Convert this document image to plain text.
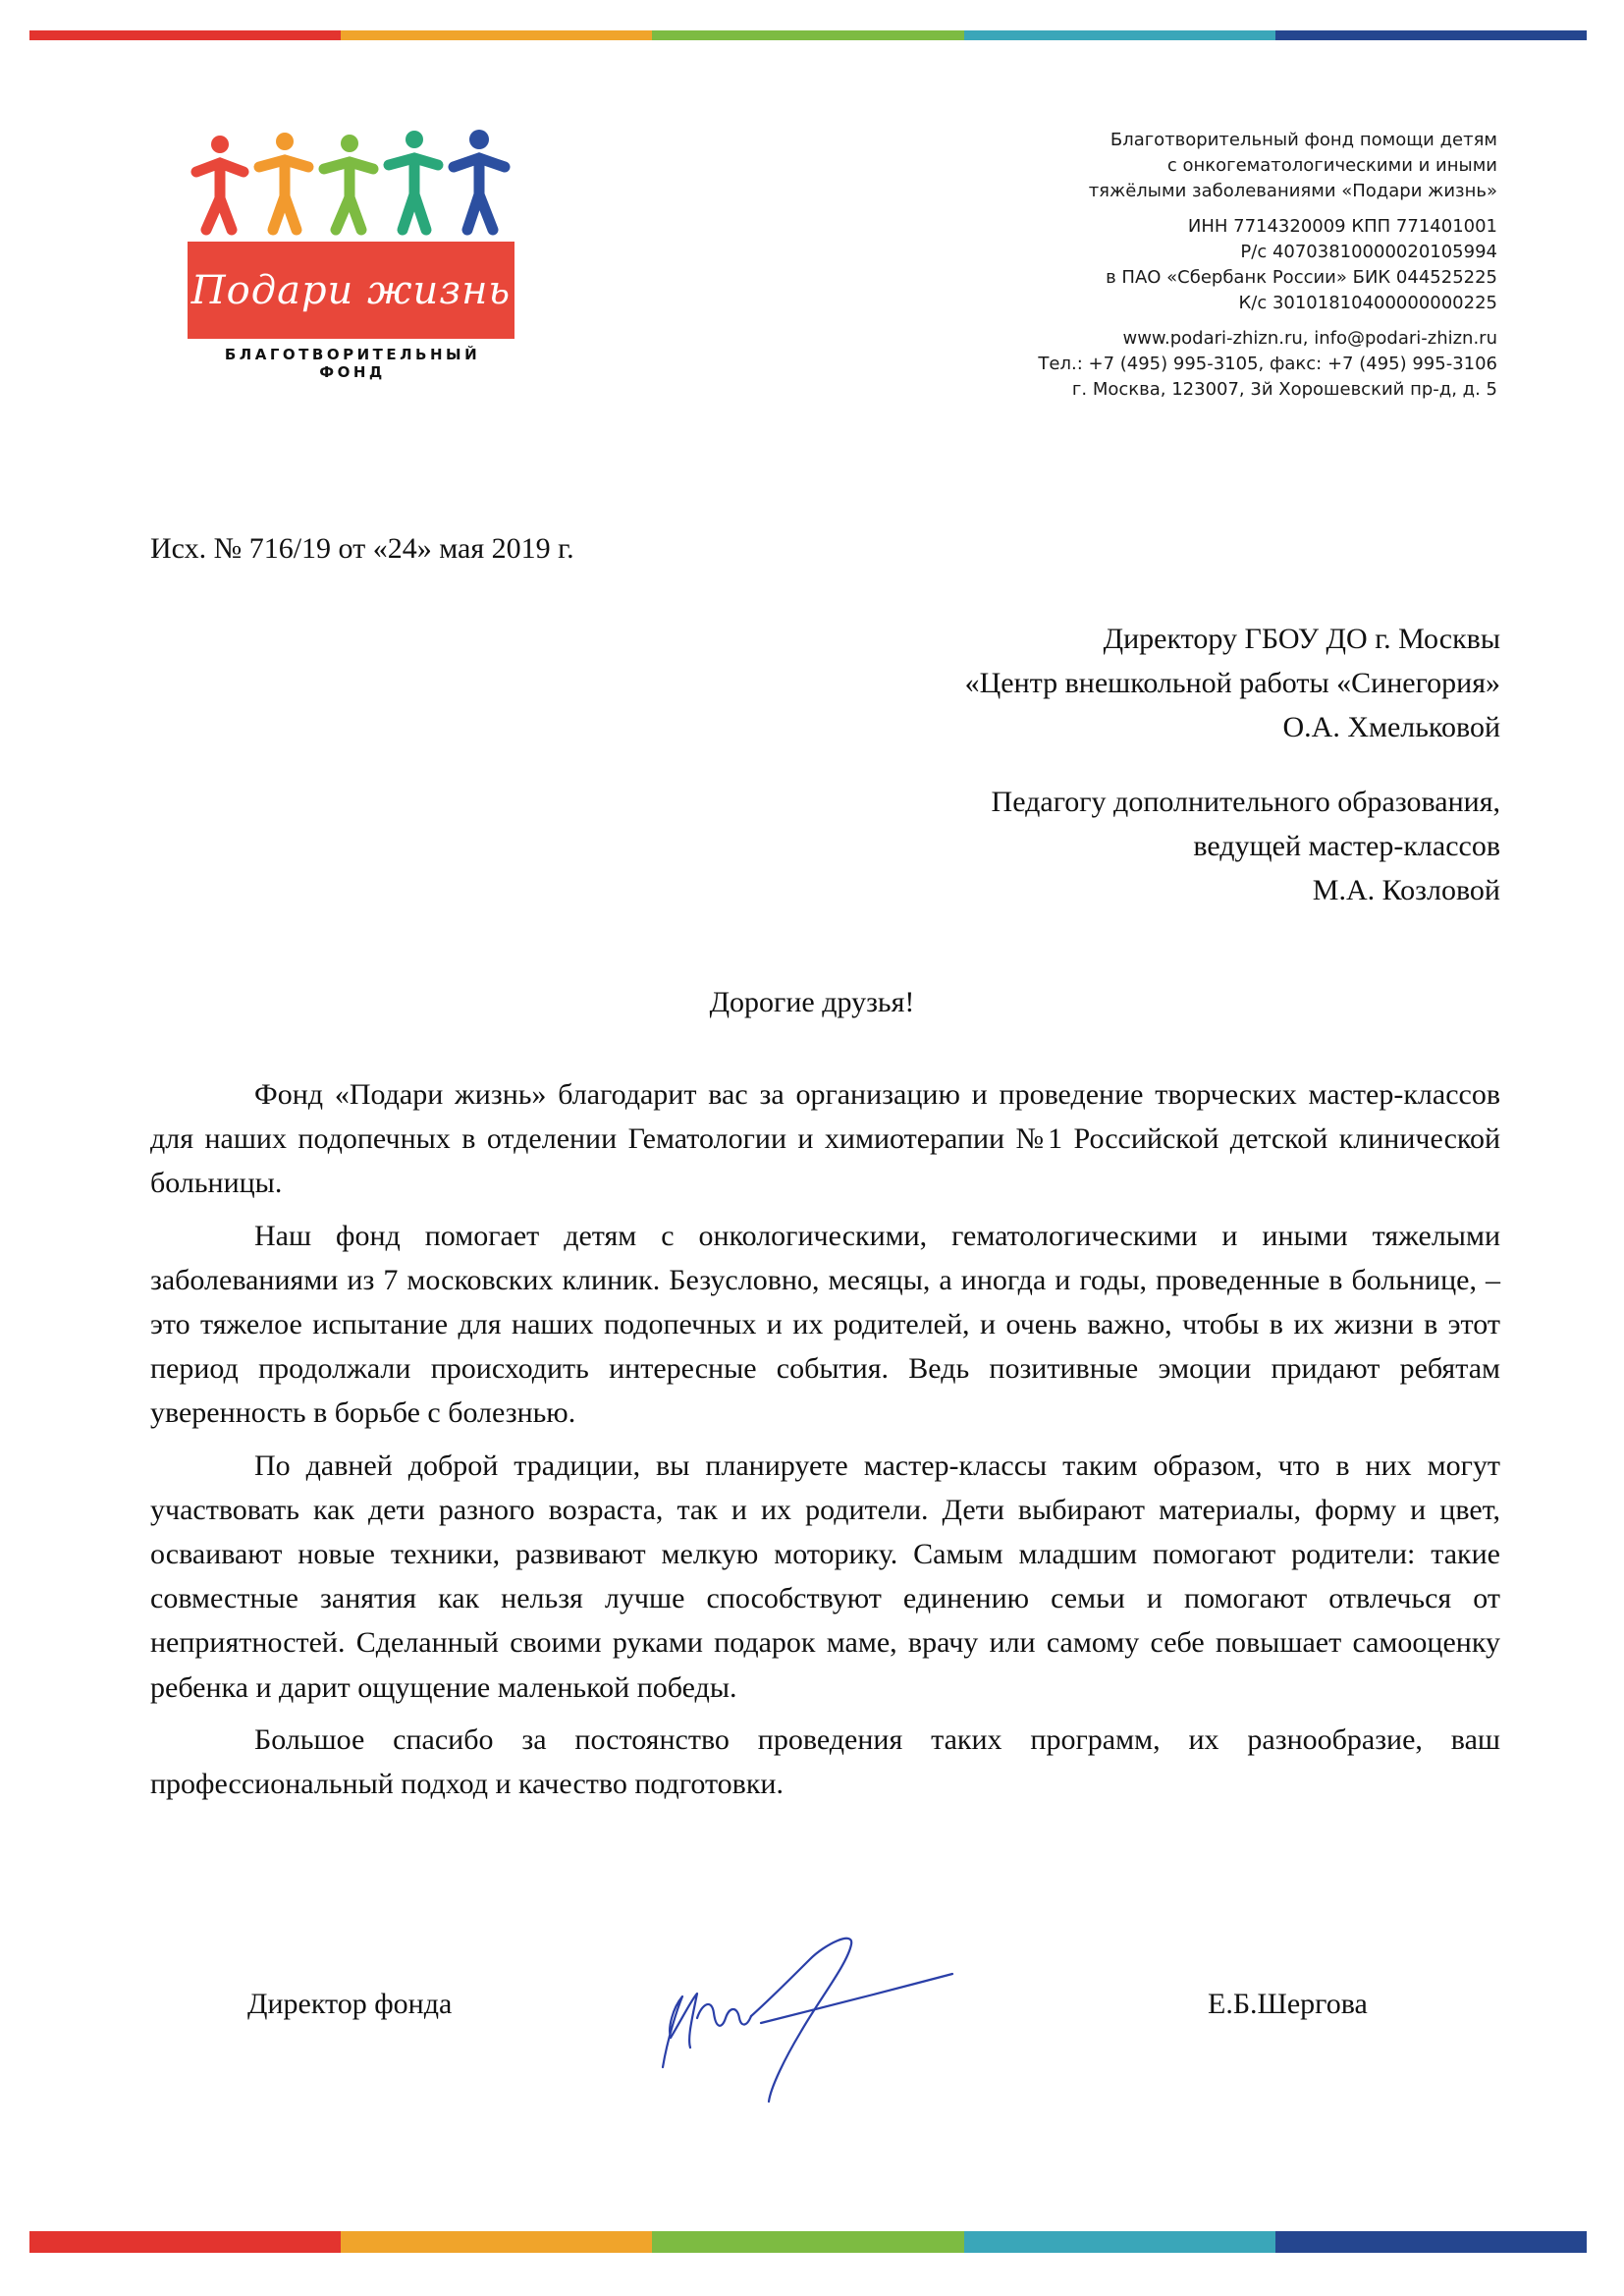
Подари жизнь
БЛАГОТВОРИТЕЛЬНЫЙ ФОНД
Благотворительный фонд помощи детям
с онкогематологическими и иными
тяжёлыми заболеваниями «Подари жизнь»
ИНН 7714320009 КПП 771401001
Р/с 40703810000020105994
в ПАО «Сбербанк России» БИК 044525225
К/с 30101810400000000225
www.podari-zhizn.ru, info@podari-zhizn.ru
Тел.: +7 (495) 995-3105, факс: +7 (495) 995-3106
г. Москва, 123007, 3й Хорошевский пр-д, д. 5
Исх. № 716/19 от «24» мая 2019 г.
Директору ГБОУ ДО г. Москвы
«Центр внешкольной работы «Синегория»
О.А. Хмельковой
Педагогу дополнительного образования,
ведущей мастер-классов
М.А. Козловой
Дорогие друзья!

Фонд «Подари жизнь» благодарит вас за организацию и проведение творческих мастер-классов для наших подопечных в отделении Гематологии и химиотерапии №1 Российской детской клинической больницы.

Наш фонд помогает детям с онкологическими, гематологическими и иными тяжелыми заболеваниями из 7 московских клиник. Безусловно, месяцы, а иногда и годы, проведенные в больнице, – это тяжелое испытание для наших подопечных и их родителей, и очень важно, чтобы в их жизни в этот период продолжали происходить интересные события. Ведь позитивные эмоции придают ребятам уверенность в борьбе с болезнью.

По давней доброй традиции, вы планируете мастер-классы таким образом, что в них могут участвовать как дети разного возраста, так и их родители. Дети выбирают материалы, форму и цвет, осваивают новые техники, развивают мелкую моторику. Самым младшим помогают родители: такие совместные занятия как нельзя лучше способствуют единению семьи и помогают отвлечься от неприятностей. Сделанный своими руками подарок маме, врачу или самому себе повышает самооценку ребенка и дарит ощущение маленькой победы.

Большое спасибо за постоянство проведения таких программ, их разнообразие, ваш профессиональный подход и качество подготовки.

Директор фонда	Е.Б.Шергова
